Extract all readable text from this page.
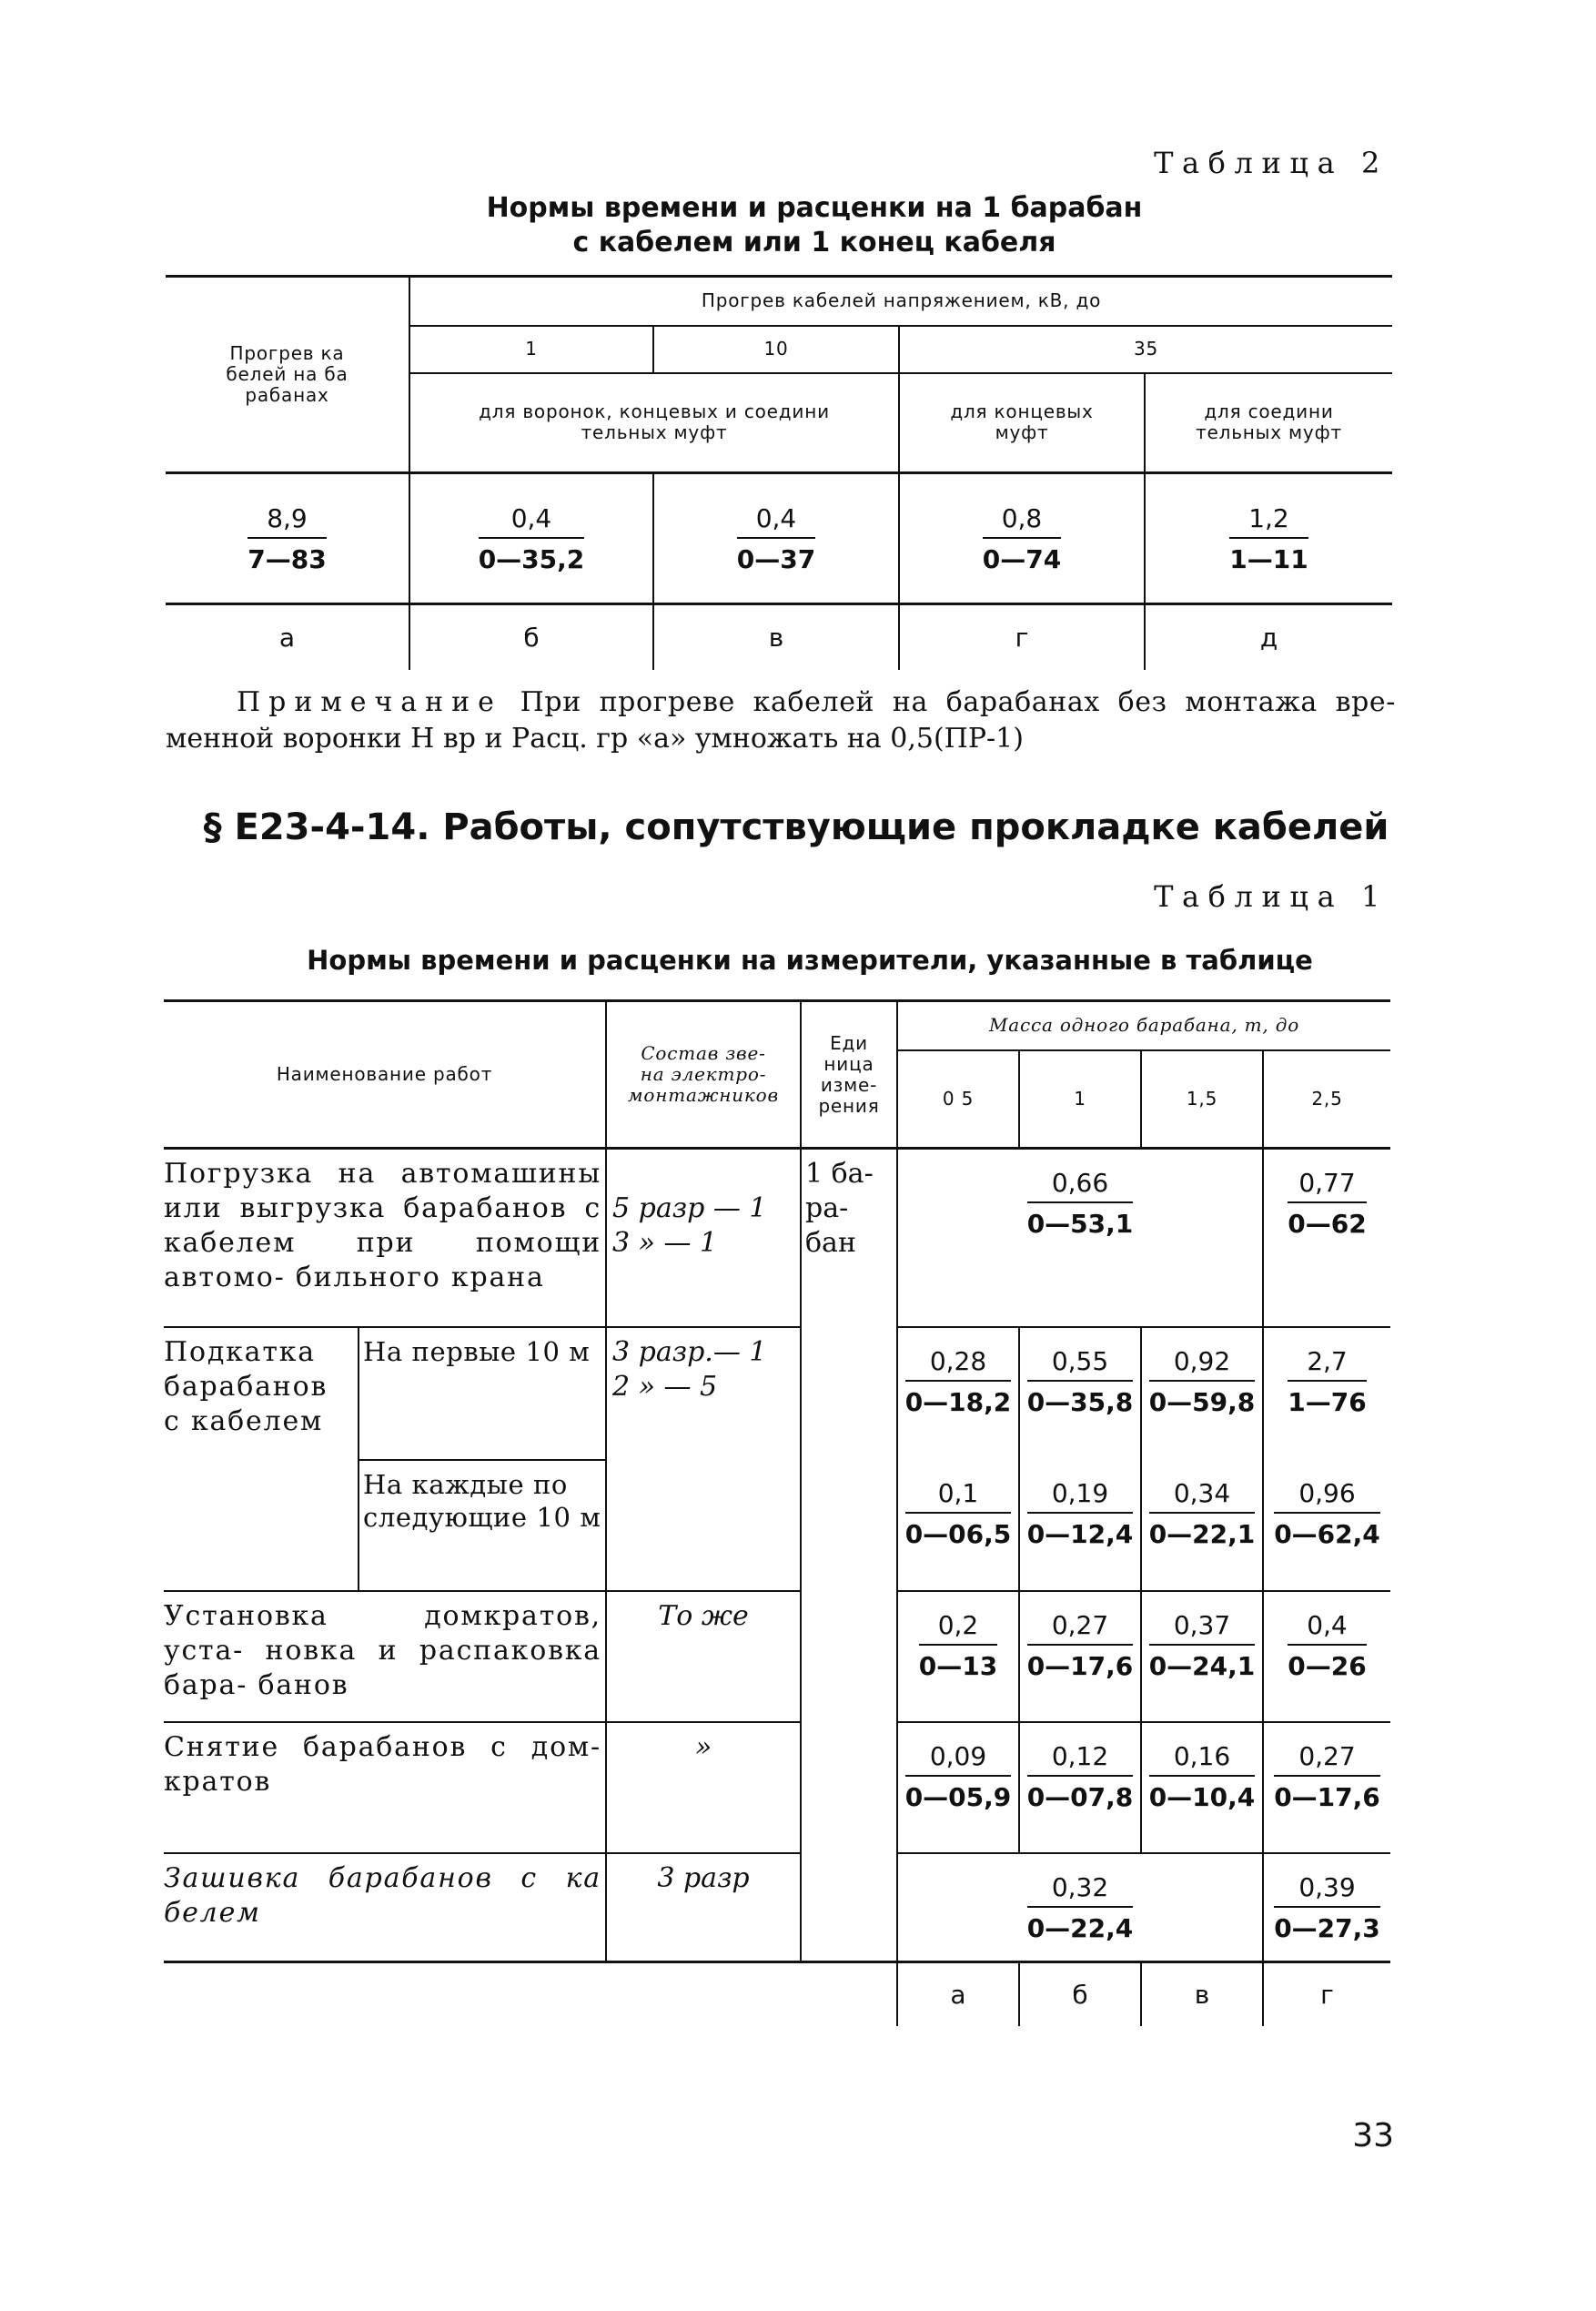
Таблица 2
Нормы времени и расценки на 1 барабан
с кабелем или 1 конец кабеля
Прогрев ка белей на ба рабанах	Прогрев кабелей напряжением, кВ, до			
	1	10	35	
	для воронок, концевых и соедини тельных муфт		для концевых муфт	для соедини тельных муфт

$\frac{8,9}{7—83}$	$\frac{0,4}{0—35,2}$	$\frac{0,4}{0—37}$	$\frac{0,8}{0—74}$	$\frac{1,2}{1—11}$

а	б	в	г	д
Примечание При прогреве кабелей на барабанах без монтажа вре-
менной воронки Н вр и Расц. гр «а» умножать на 0,5(ПР-1)
§ Е23-4-14. Работы, сопутствующие прокладке кабелей
Таблица 1
Нормы времени и расценки на измерители, указанные в таблице
Наименование работ		Состав зве- на электро- монтажников	Еди ница изме- рения	Масса одного барабана, т, до			
				0 5	1	1,5	2,5
Погрузка на автомашины или выгрузка барабанов с кабелем при помощи автомо- бильного крана		5 разр — 1 3 » — 1	1 ба- ра- бан	$\frac{0,66}{0—53,1}$			$\frac{0,77}{0—62}$

Подкатка барабанов с кабелем	На первые 10 м	3 разр.— 1 2 » — 5		$\frac{0,28}{0—18,2}$	$\frac{0,55}{0—35,8}$	$\frac{0,92}{0—59,8}$	$\frac{2,7}{1—76}$

	На каждые по следующие 10 м			$\frac{0,1}{0—06,5}$	$\frac{0,19}{0—12,4}$	$\frac{0,34}{0—22,1}$	$\frac{0,96}{0—62,4}$

Установка домкратов, уста- новка и распаковка бара- банов		То же		$\frac{0,2}{0—13}$	$\frac{0,27}{0—17,6}$	$\frac{0,37}{0—24,1}$	$\frac{0,4}{0—26}$

Снятие барабанов с дом- кратов		»		$\frac{0,09}{0—05,9}$	$\frac{0,12}{0—07,8}$	$\frac{0,16}{0—10,4}$	$\frac{0,27}{0—17,6}$

Зашивка барабанов с ка белем		3 разр		$\frac{0,32}{0—22,4}$			$\frac{0,39}{0—27,3}$

				а	б	в	г
33
